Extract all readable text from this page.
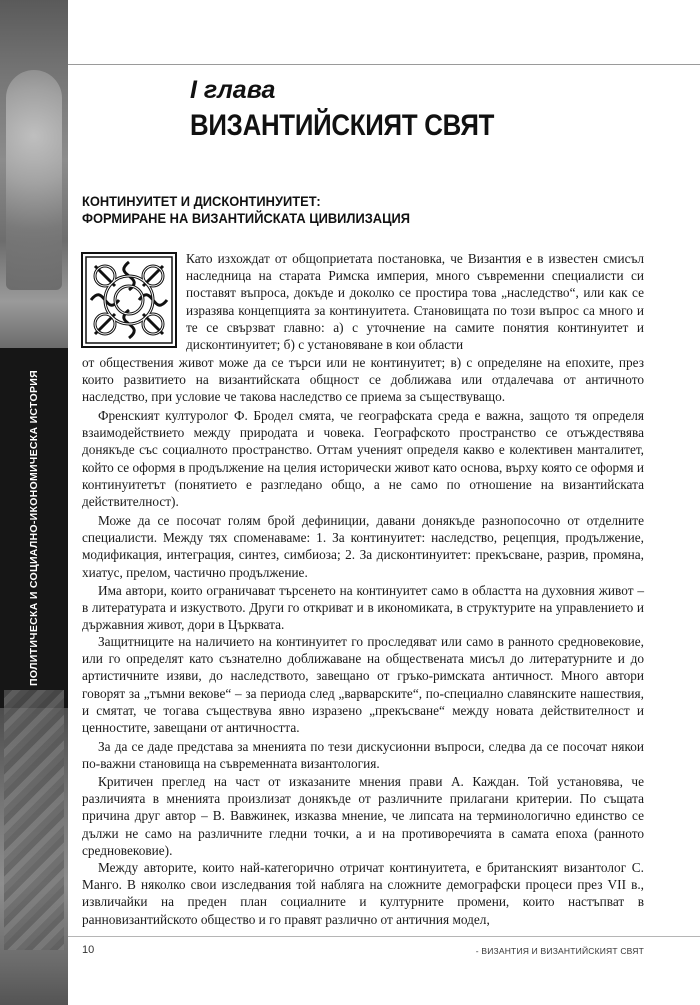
ПОЛИТИЧЕСКА И СОЦИАЛНО-ИКОНОМИЧЕСКА ИСТОРИЯ
I глава
ВИЗАНТИЙСКИЯТ СВЯТ
КОНТИНУИТЕТ И ДИСКОНТИНУИТЕТ:
ФОРМИРАНЕ НА ВИЗАНТИЙСКАТА ЦИВИЛИЗАЦИЯ
Като изхождат от общоприетата постановка, че Византия е в известен смисъл наследница на старата Римска империя, много съвременни специалисти си поставят въпроса, докъде и доколко се простира това „наследство“, или как се изразява концепцията за континуитета. Становищата по този въпрос са много и те се свързват главно: а) с уточнение на самите понятия континуитет и дисконтинуитет; б) с установяване в кои области
от обществения живот може да се търси или не континуитет; в) с определяне на епохите, през които развитието на византийската общност се доближава или отдалечава от античното наследство, при условие че такова наследство се приема за съществуващо.
Френският културолог Ф. Бродел смята, че географската среда е важна, защото тя определя взаимодействието между природата и човека. Географското пространство се отъждествява донякъде със социалното пространство. Оттам ученият определя какво е колективен манталитет, който се оформя в продължение на целия исторически живот като основа, върху която се оформя и континуитетът (понятието е разгледано общо, а не само по отношение на византийската действителност).
Може да се посочат голям брой дефиниции, давани донякъде разнопосочно от отделните специалисти. Между тях споменаваме: 1. За континуитет: наследство, рецепция, продължение, модификация, интеграция, синтез, симбиоза; 2. За дисконтинуитет: прекъсване, разрив, промяна, хиатус, прелом, частично продължение.
Има автори, които ограничават търсенето на континуитет само в областта на духовния живот – в литературата и изкуството. Други го откриват и в икономиката, в структурите на управлението и държавния живот, дори в Църквата.
Защитниците на наличието на континуитет го проследяват или само в ранното средновековие, или го определят като съзнателно доближаване на обществената мисъл до литературните и до артистичните изяви, до наследството, завещано от гръко-римската античност. Много автори говорят за „тъмни векове“ – за периода след „варварските“, по-специално славянските нашествия, и смятат, че тогава съществува явно изразено „прекъсване“ между новата действителност и ценностите, завещани от античността.
За да се даде представа за мненията по тези дискусионни въпроси, следва да се посочат някои по-важни становища на съвременната византология.
Критичен преглед на част от изказаните мнения прави А. Каждан. Той установява, че различията в мненията произлизат донякъде от различните прилагани критерии. По същата причина друг автор – В. Вавжинек, изказва мнение, че липсата на терминологично единство се дължи не само на различните гледни точки, а и на противоречията в самата епоха (ранното средновековие).
Между авторите, които най-категорично отричат континуитета, е британският византолог С. Манго. В няколко свои изследвания той наблягa на сложните демографски процеси през VII в., извличайки на преден план социалните и културните промени, които настъпват в ранновизантийското общество и го правят различно от античния модел,
10	- ВИЗАНТИЯ И ВИЗАНТИЙСКИЯТ СВЯТ
